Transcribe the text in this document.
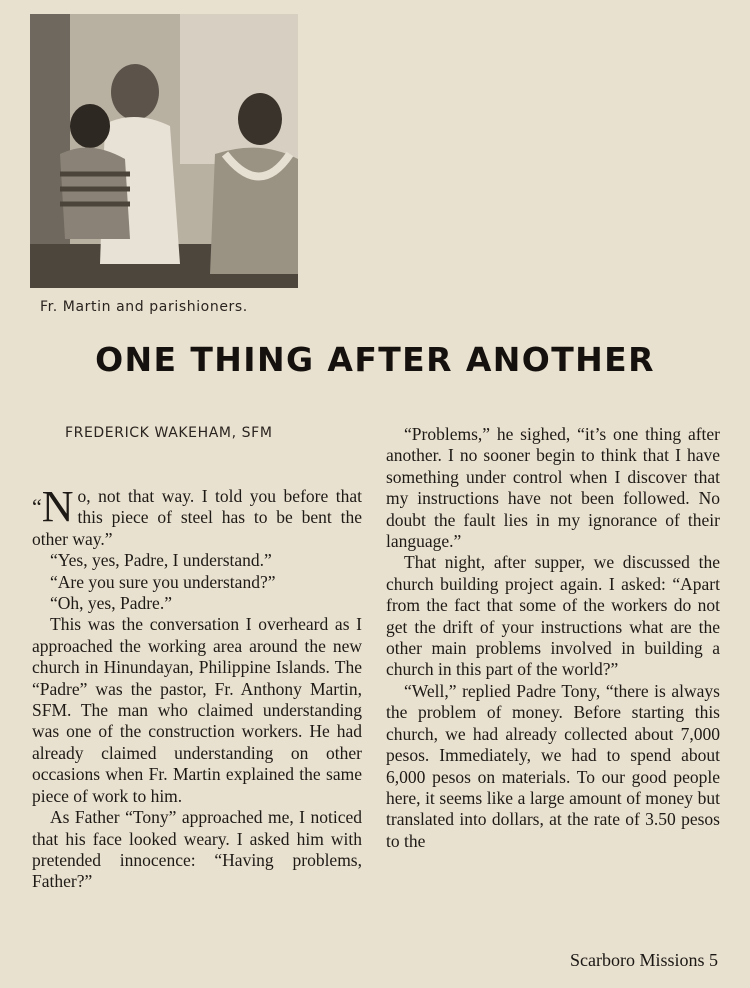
Fr. Martin and parishioners.
ONE THING AFTER ANOTHER
FREDERICK WAKEHAM, SFM

“N o, not that way. I told you before that this piece of steel has to be bent the other way.”

“Yes, yes, Padre, I understand.”

“Are you sure you understand?”

“Oh, yes, Padre.”

This was the conversation I overheard as I approached the working area around the new church in Hinundayan, Philippine Islands. The “Padre” was the pastor, Fr. Anthony Martin, SFM. The man who claimed understanding was one of the construction workers. He had already claimed understanding on other occasions when Fr. Martin explained the same piece of work to him.

As Father “Tony” approached me, I noticed that his face looked weary. I asked him with pretended innocence: “Having problems, Father?”

“Problems,” he sighed, “it’s one thing after another. I no sooner begin to think that I have something under control when I discover that my instructions have not been followed. No doubt the fault lies in my ignorance of their language.”

That night, after supper, we discussed the church building project again. I asked: “Apart from the fact that some of the workers do not get the drift of your instructions what are the other main problems involved in building a church in this part of the world?”

“Well,” replied Padre Tony, “there is always the problem of money. Before starting this church, we had already collected about 7,000 pesos. Immediately, we had to spend about 6,000 pesos on materials. To our good people here, it seems like a large amount of money but translated into dollars, at the rate of 3.50 pesos to the

Scarboro Missions 5
